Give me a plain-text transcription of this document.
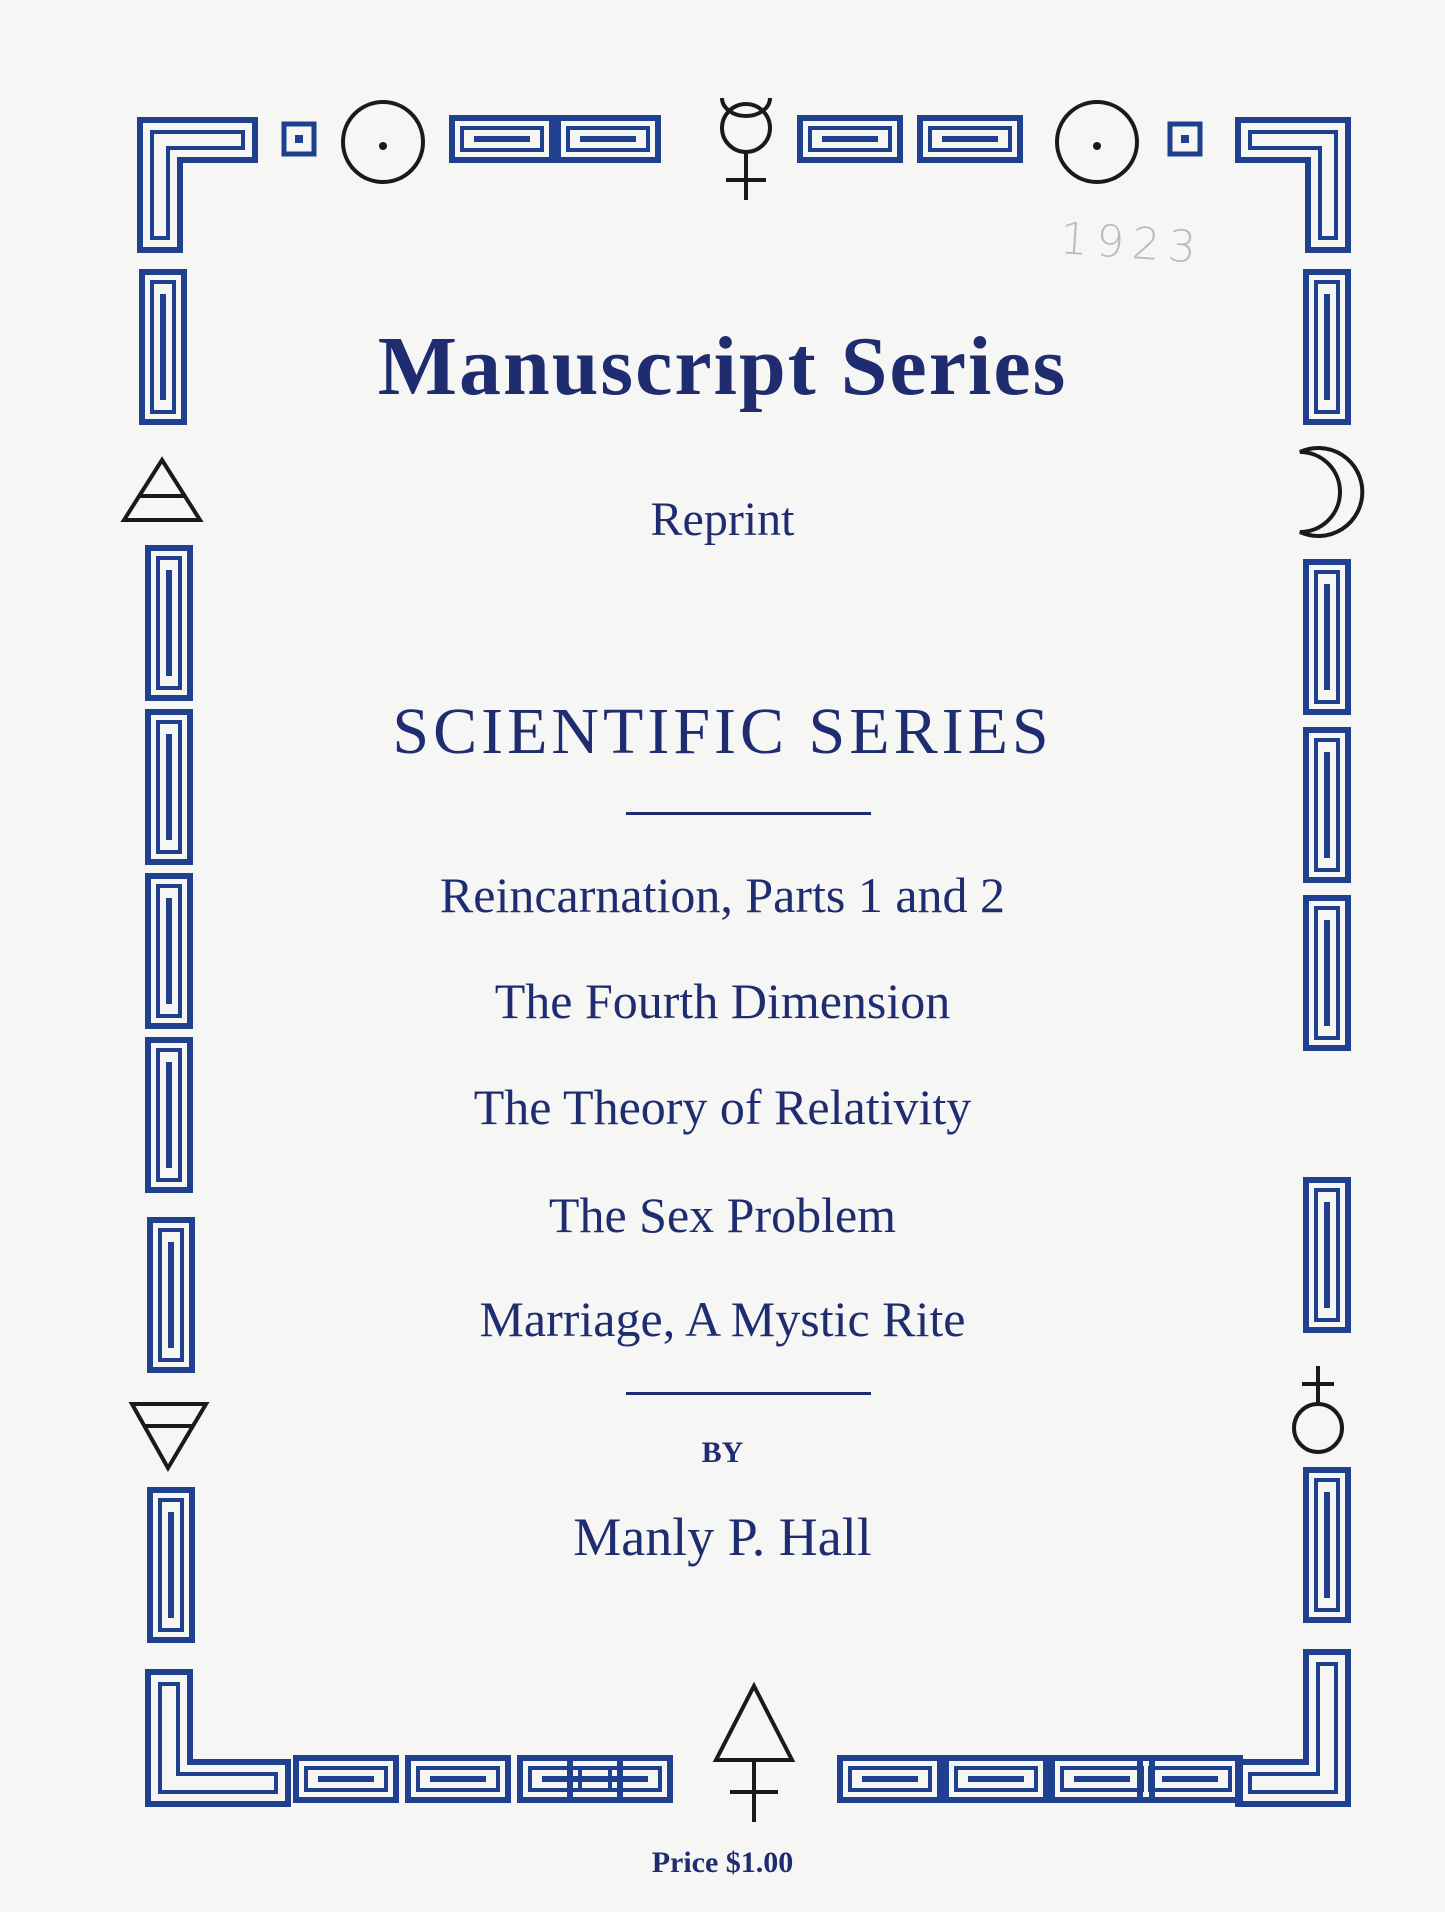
1923
Manuscript Series
Reprint
SCIENTIFIC SERIES
Reincarnation, Parts 1 and 2
The Fourth Dimension
The Theory of Relativity
The Sex Problem
Marriage, A Mystic Rite
BY
Manly P. Hall
Price $1.00
